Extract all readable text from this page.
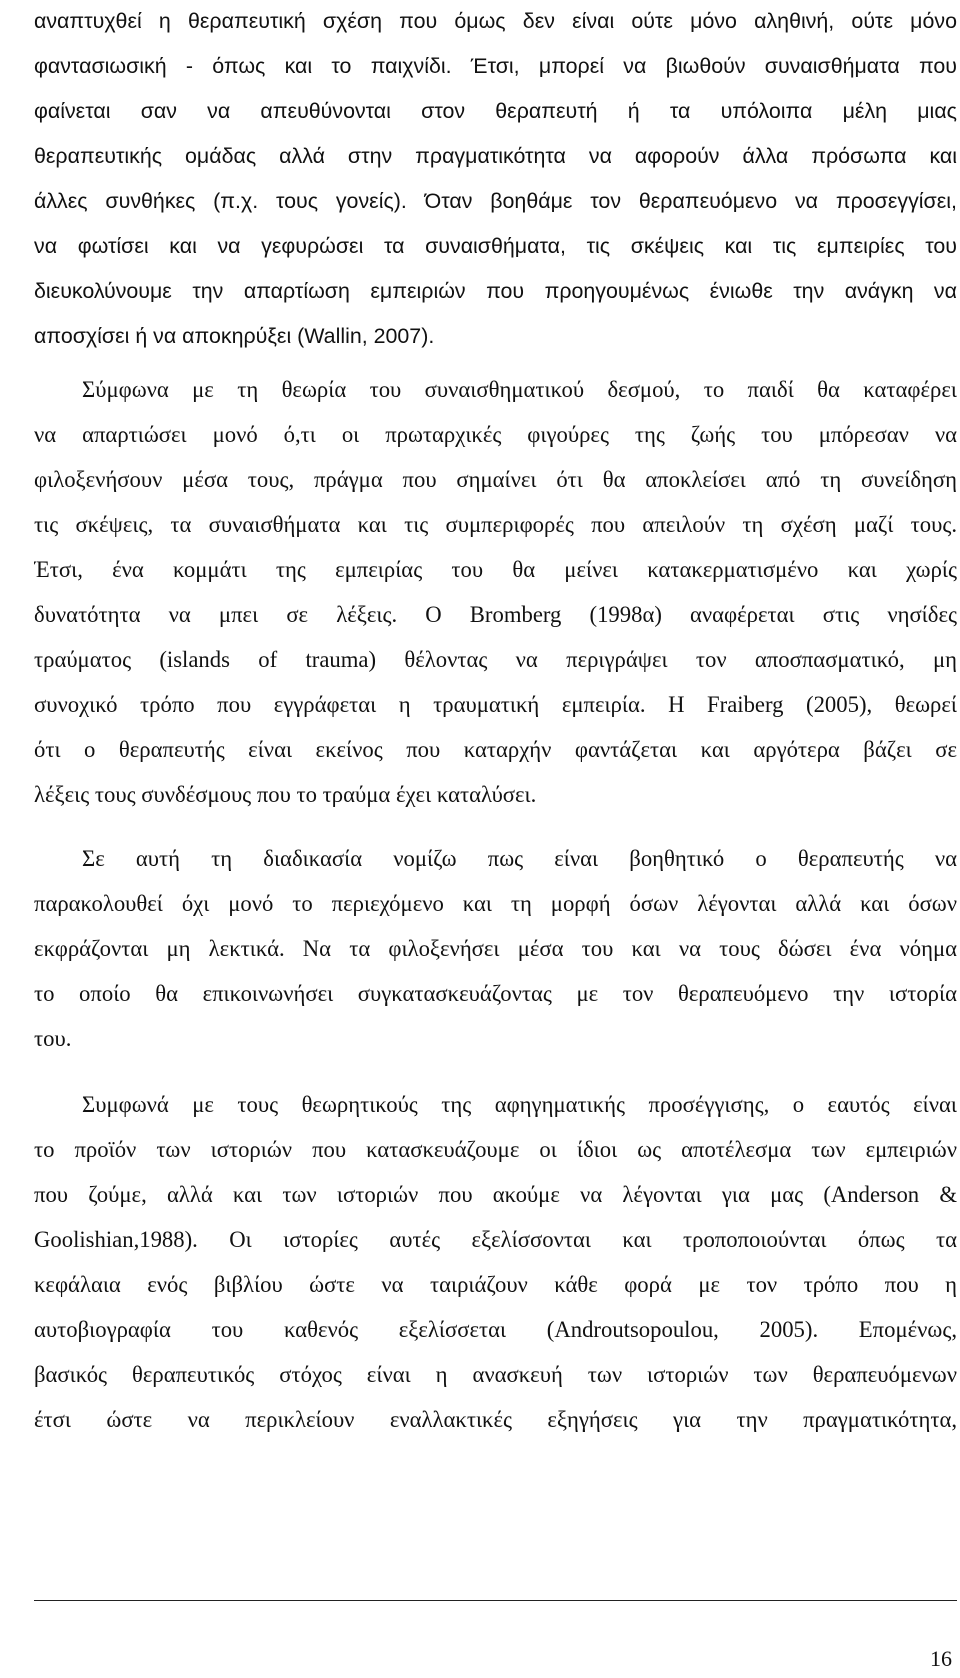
αναπτυχθεί η θεραπευτική σχέση που όμως δεν είναι ούτε μόνο αληθινή, ούτε μόνο
φαντασιωσική - όπως και το παιχνίδι. Έτσι, μπορεί να βιωθούν συναισθήματα που
φαίνεται σαν να απευθύνονται στον θεραπευτή ή τα υπόλοιπα μέλη μιας
θεραπευτικής ομάδας αλλά στην πραγματικότητα να αφορούν άλλα πρόσωπα και
άλλες συνθήκες (π.χ. τους γονείς). Όταν βοηθάμε τον θεραπευόμενο να προσεγγίσει,
να φωτίσει και να γεφυρώσει τα συναισθήματα, τις σκέψεις και τις εμπειρίες του
διευκολύνουμε την απαρτίωση εμπειριών που προηγουμένως ένιωθε την ανάγκη να
αποσχίσει ή να αποκηρύξει (Wallin, 2007).
Σύμφωνα με τη θεωρία του συναισθηματικού δεσμού, το παιδί θα καταφέρει
να απαρτιώσει μονό ό,τι οι πρωταρχικές φιγούρες της ζωής του μπόρεσαν να
φιλοξενήσουν μέσα τους, πράγμα που σημαίνει ότι θα αποκλείσει από τη συνείδηση
τις σκέψεις, τα συναισθήματα και τις συμπεριφορές που απειλούν τη σχέση μαζί τους.
Έτσι, ένα κομμάτι της εμπειρίας του θα μείνει κατακερματισμένο και χωρίς
δυνατότητα να μπει σε λέξεις. Ο Bromberg (1998α) αναφέρεται στις νησίδες
τραύματος (islands of trauma) θέλοντας να περιγράψει τον αποσπασματικό, μη
συνοχικό τρόπο που εγγράφεται η τραυματική εμπειρία. Η Fraiberg (2005), θεωρεί
ότι ο θεραπευτής είναι εκείνος που καταρχήν φαντάζεται και αργότερα βάζει σε
λέξεις τους συνδέσμους που το τραύμα έχει καταλύσει.
Σε αυτή τη διαδικασία νομίζω πως είναι βοηθητικό ο θεραπευτής να
παρακολουθεί όχι μονό το περιεχόμενο και τη μορφή όσων λέγονται αλλά και όσων
εκφράζονται μη λεκτικά. Να τα φιλοξενήσει μέσα του και να τους δώσει ένα νόημα
το οποίο θα επικοινωνήσει συγκατασκευάζοντας με τον θεραπευόμενο την ιστορία
του.
Συμφωνά με τους θεωρητικούς της αφηγηματικής προσέγγισης, ο εαυτός είναι
το προϊόν των ιστοριών που κατασκευάζουμε οι ίδιοι ως αποτέλεσμα των εμπειριών
που ζούμε, αλλά και των ιστοριών που ακούμε να λέγονται για μας (Anderson &
Goolishian,1988). Οι ιστορίες αυτές εξελίσσονται και τροποποιούνται όπως τα
κεφάλαια ενός βιβλίου ώστε να ταιριάζουν κάθε φορά με τον τρόπο που η
αυτοβιογραφία του καθενός εξελίσσεται (Androutsopoulou, 2005). Επομένως,
βασικός θεραπευτικός στόχος είναι η ανασκευή των ιστοριών των θεραπευόμενων
έτσι ώστε να περικλείουν εναλλακτικές εξηγήσεις για την πραγματικότητα,
16
